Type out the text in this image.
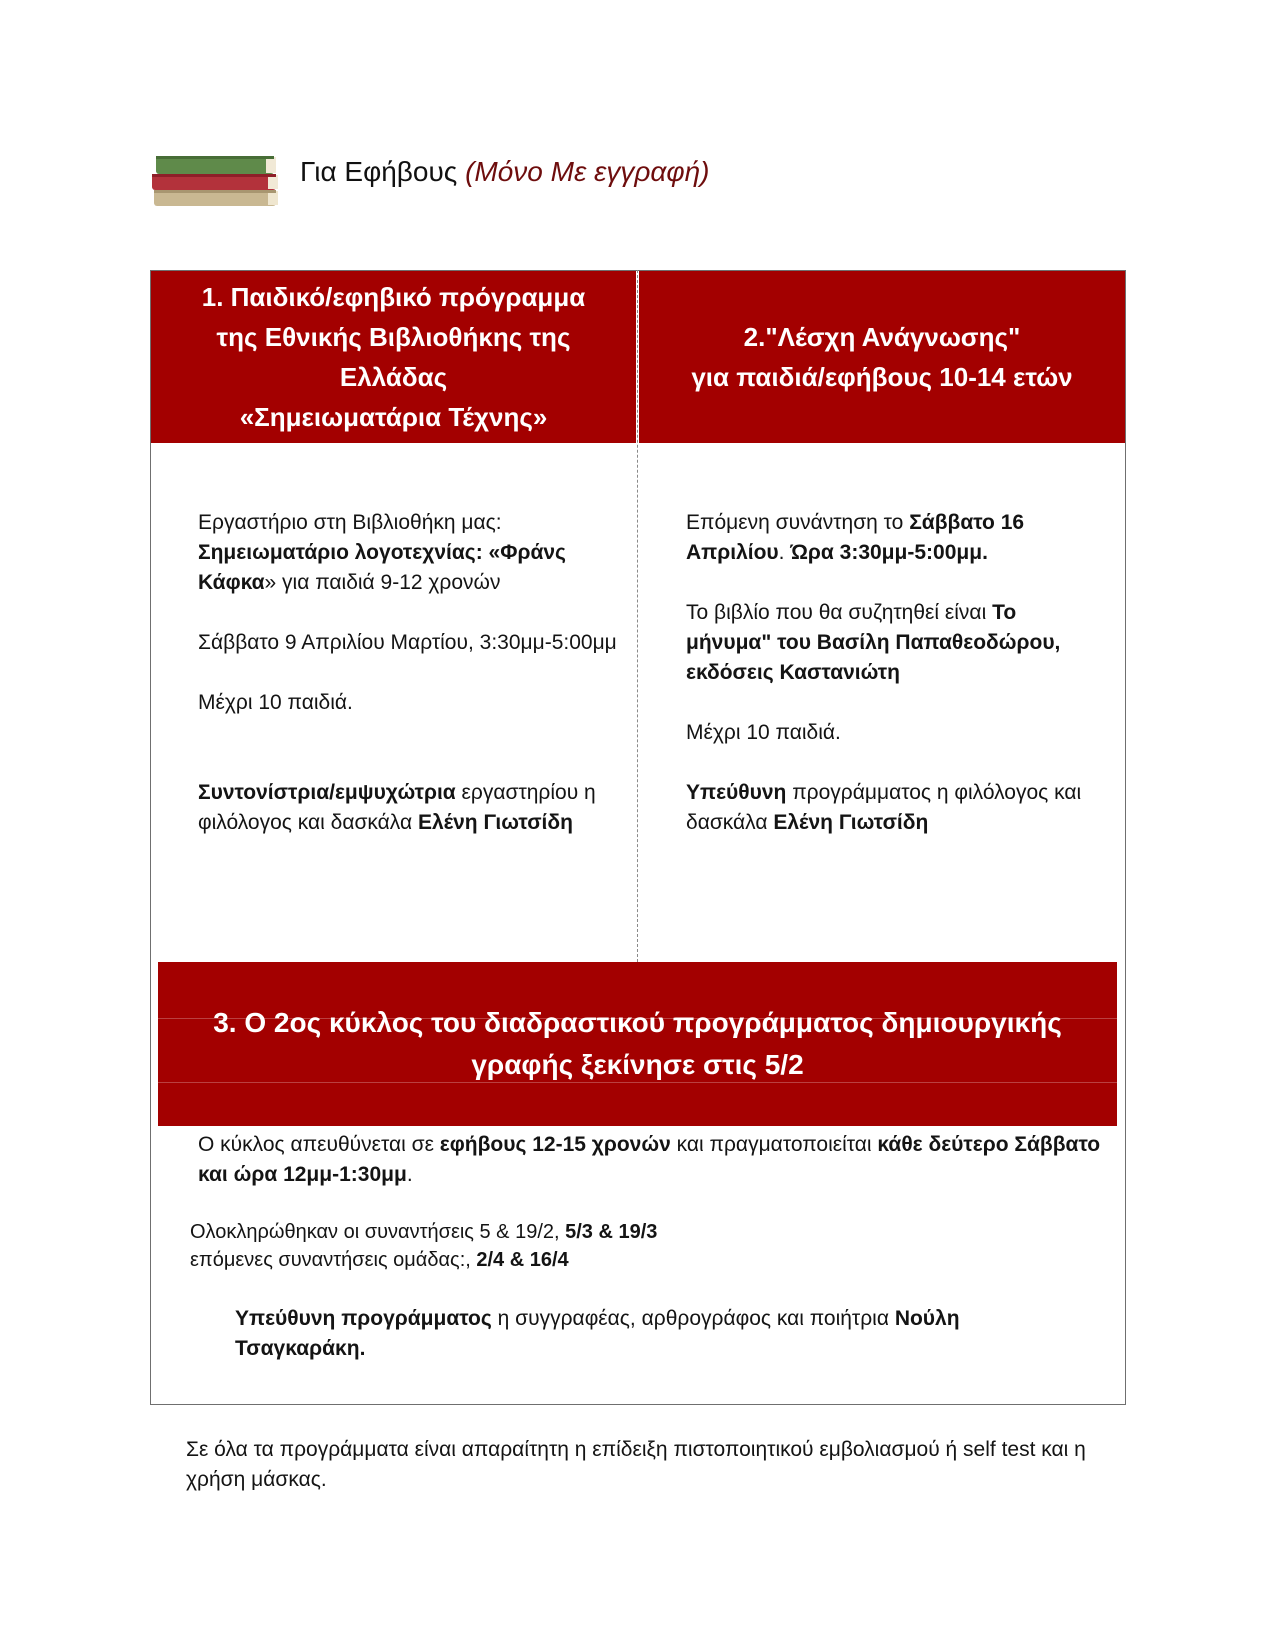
Για Εφήβους (Μόνο Με εγγραφή)
1. Παιδικό/εφηβικό πρόγραμμα
της Εθνικής Βιβλιοθήκης της
Ελλάδας
«Σημειωματάρια Τέχνης»
2."Λέσχη Ανάγνωσης"
για παιδιά/εφήβους 10-14 ετών

Εργαστήριο στη Βιβλιοθήκη μας:

Σημειωματάριο λογοτεχνίας: «Φράνς Κάφκα» για παιδιά 9-12 χρονών

Σάββατο 9 Απριλίου Μαρτίου, 3:30μμ-5:00μμ

Μέχρι 10 παιδιά.

Συντονίστρια/εμψυχώτρια εργαστηρίου η φιλόλογος και δασκάλα Ελένη Γιωτσίδη

Επόμενη συνάντηση το Σάββατο 16 Απριλίου. Ώρα 3:30μμ-5:00μμ.

Το βιβλίο που θα συζητηθεί είναι Το μήνυμα" του Βασίλη Παπαθεοδώρου, εκδόσεις Καστανιώτη

Μέχρι 10 παιδιά.

Υπεύθυνη προγράμματος η φιλόλογος και δασκάλα Ελένη Γιωτσίδη

3. Ο 2ος κύκλος του διαδραστικού προγράμματος δημιουργικής
γραφής ξεκίνησε στις 5/2
Ο κύκλος απευθύνεται σε εφήβους 12-15 χρονών και πραγματοποιείται κάθε δεύτερο Σάββατο και ώρα 12μμ-1:30μμ.
Ολοκληρώθηκαν οι συναντήσεις 5 & 19/2, 5/3 & 19/3
επόμενες συναντήσεις ομάδας:, 2/4 & 16/4
Υπεύθυνη προγράμματος η συγγραφέας, αρθρογράφος και ποιήτρια Νούλη Τσαγκαράκη.
Σε όλα τα προγράμματα είναι απαραίτητη η επίδειξη πιστοποιητικού εμβολιασμού ή self test και η χρήση μάσκας.
